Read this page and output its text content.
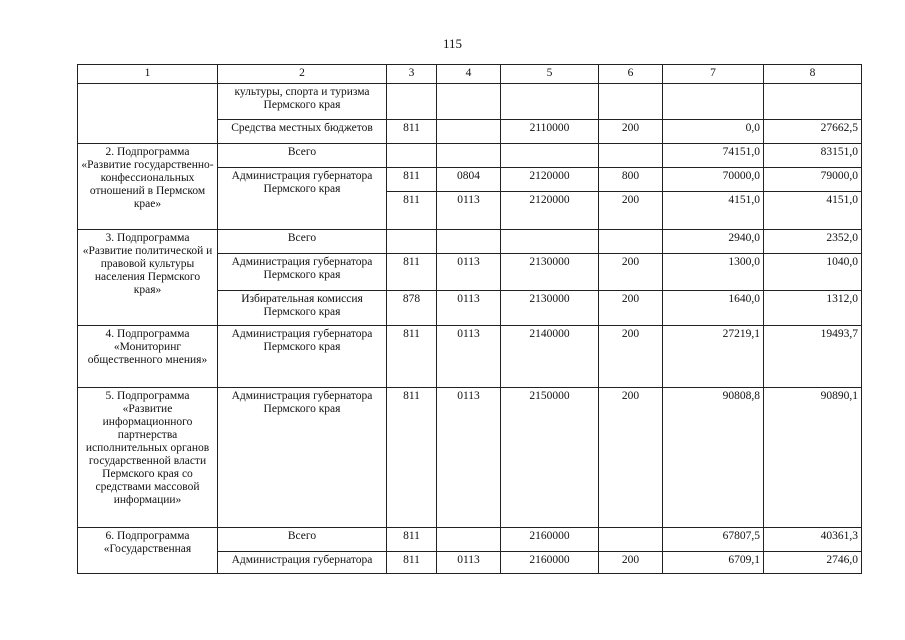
115
1	2	3	4	5	6	7	8
	культуры, спорта и туризма Пермского края						
	Средства местных бюджетов	811		2110000	200	0,0	27662,5
2. Подпрограмма «Развитие государственно-конфессиональных отношений в Пермском крае»	Всего					74151,0	83151,0
	Администрация губернатора Пермского края	811	0804	2120000	800	70000,0	79000,0
		811	0113	2120000	200	4151,0	4151,0
3. Подпрограмма «Развитие политической и правовой культуры населения Пермского края»	Всего					2940,0	2352,0
	Администрация губернатора Пермского края	811	0113	2130000	200	1300,0	1040,0
	Избирательная комиссия Пермского края	878	0113	2130000	200	1640,0	1312,0
4. Подпрограмма «Мониторинг общественного мнения»	Администрация губернатора Пермского края	811	0113	2140000	200	27219,1	19493,7
5. Подпрограмма «Развитие информационного партнерства исполнительных органов государственной власти Пермского края со средствами массовой информации»	Администрация губернатора Пермского края	811	0113	2150000	200	90808,8	90890,1
6. Подпрограмма «Государственная	Всего	811		2160000		67807,5	40361,3
	Администрация губернатора	811	0113	2160000	200	6709,1	2746,0
